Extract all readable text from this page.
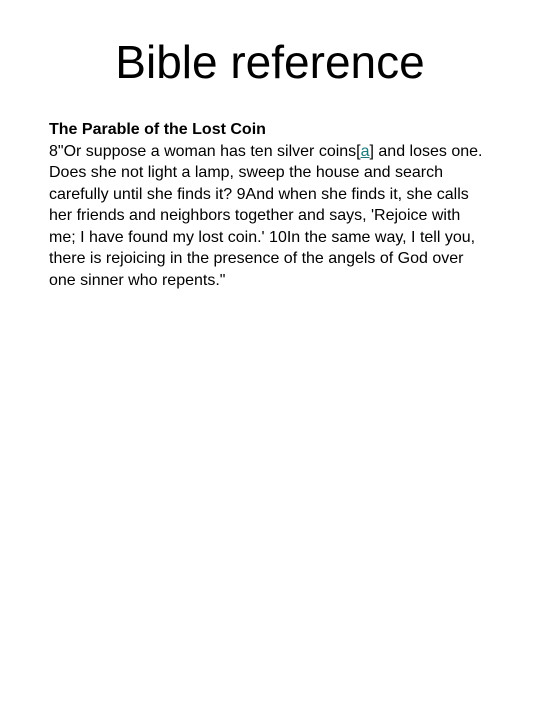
Bible reference
The Parable of the Lost Coin
8"Or suppose a woman has ten silver coins[a] and loses one. Does she not light a lamp, sweep the house and search carefully until she finds it? 9And when she finds it, she calls her friends and neighbors together and says, 'Rejoice with me; I have found my lost coin.' 10In the same way, I tell you, there is rejoicing in the presence of the angels of God over one sinner who repents."
